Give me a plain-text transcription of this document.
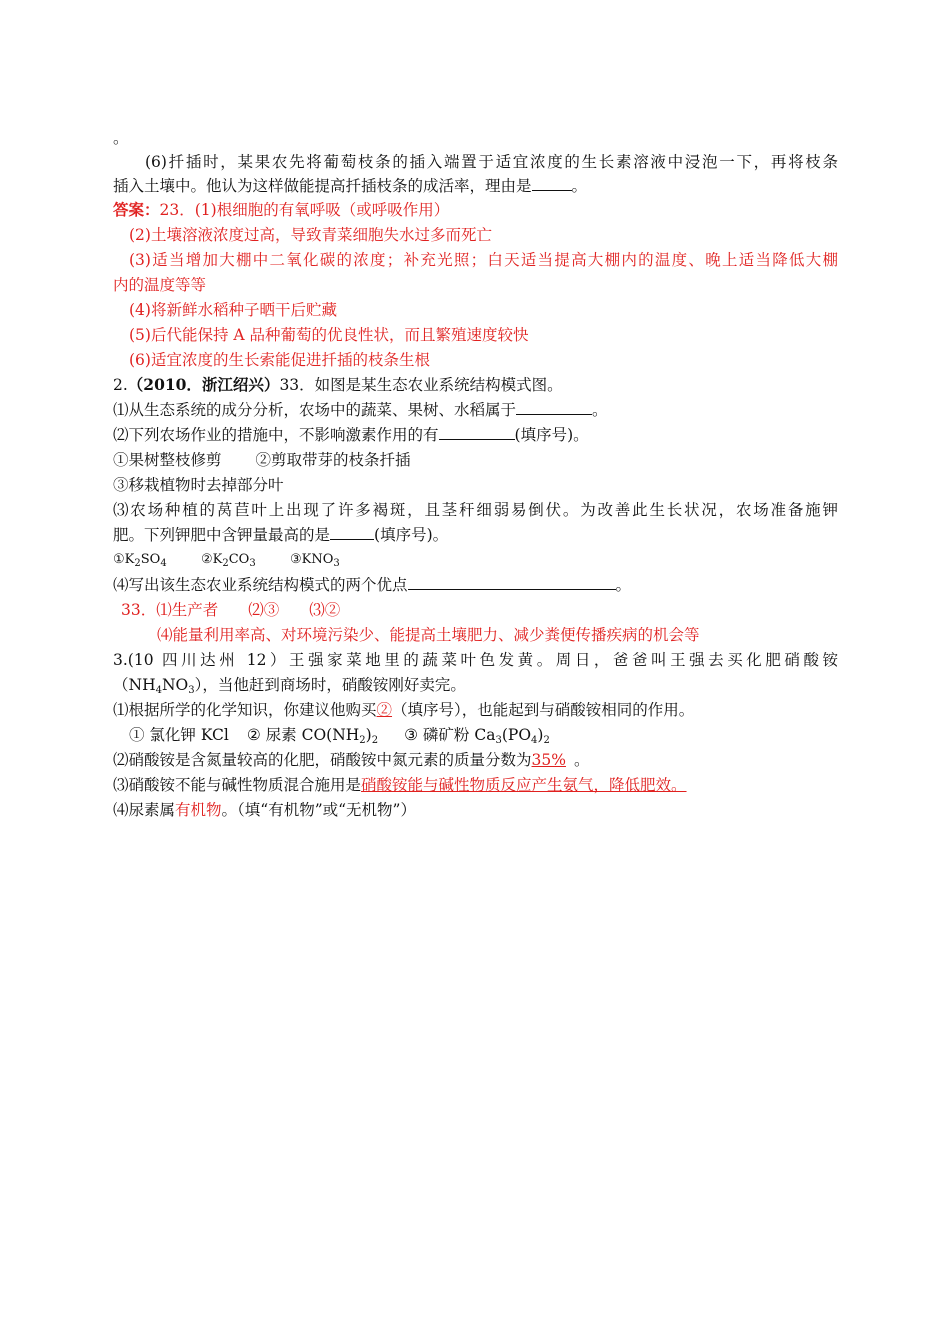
。
(6)扦插时，某果农先将葡萄枝条的插入端置于适宜浓度的生长素溶液中浸泡一下，再将枝条
插入土壤中。他认为这样做能提高扦插枝条的成活率，理由是	。
答案：23．(1)根细胞的有氧呼吸（或呼吸作用）
(2)土壤溶液浓度过高，导致青菜细胞失水过多而死亡
(3)适当增加大棚中二氧化碳的浓度；补充光照；白天适当提高大棚内的温度、晚上适当降低大棚
内的温度等等
(4)将新鲜水稻种子晒干后贮藏
(5)后代能保持 A 品种葡萄的优良性状，而且繁殖速度较快
(6)适宜浓度的生长索能促进扦插的枝条生根
2.（2010．浙江绍兴）33．如图是某生态农业系统结构模式图。
⑴从生态系统的成分分析，农场中的蔬菜、果树、水稻属于	。
⑵下列农场作业的措施中，不影响激素作用的有	(填序号)。
①果树整枝修剪 ②剪取带芽的枝条扦插
③移栽植物时去掉部分叶
⑶农场种植的莴苣叶上出现了许多褐斑，且茎秆细弱易倒伏。为改善此生长状况，农场准备施钾
肥。下列钾肥中含钾量最高的是	(填序号)。
$①K_2SO_4$	$②K_2CO_3$	$③KNO_3$
⑷写出该生态农业系统结构模式的两个优点	。
33．⑴生产者 ⑵③ ⑶②
⑷能量利用率高、对环境污染少、能提高土壤肥力、减少粪便传播疾病的机会等
3.(10 四川达州 12）王强家菜地里的蔬菜叶色发黄。周日，爸爸叫王强去买化肥硝酸铵
$(NH_4NO_3)$，当他赶到商场时，硝酸铵刚好卖完。
⑴根据所学的化学知识，你建议他购买②（填序号），也能起到与硝酸铵相同的作用。
① 氯化钾 KCl ② 尿素 $CO(NH_2)_2$ ③ 磷矿粉 $Ca_3(PO_4)_2$
⑵硝酸铵是含氮量较高的化肥，硝酸铵中氮元素的质量分数为35% 。
⑶硝酸铵不能与碱性物质混合施用是硝酸铵能与碱性物质反应产生氨气，降低肥效。
⑷尿素属有机物。（填“有机物”或“无机物”）
